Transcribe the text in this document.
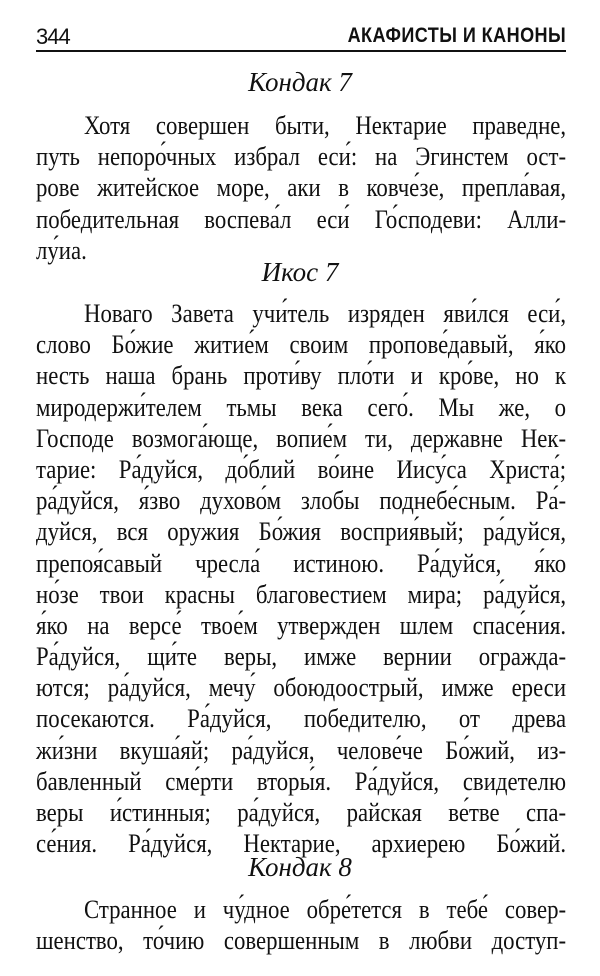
344	АКАФИСТЫ И КАНОНЫ
Кондак 7
Хотя совершен быти, Нектарие праведне,
путь непоро́чных избрал еси́: на Эгинстем ост-
рове житейское море, аки в ковче́зе, препла́вая,
победительная воспева́л еси́ Го́сподеви: Алли-
лу́иа.
Икос 7
Новаго Завета учи́тель изряден яви́лся еси́,
слово Бо́жие житие́м своим пропове́давый, я́ко
несть наша брань проти́ву пло́ти и кро́ве, но к
миродержи́телем тьмы века сего́. Мы же, о
Господе возмога́юще, вопие́м ти, державне Нек-
тарие: Ра́дуйся, до́блий во́ине Иису́са Христа́;
ра́дуйся, я́зво духово́м злобы поднебе́сным. Ра́-
дуйся, вся оружия Бо́жия восприя́вый; ра́дуйся,
препоя́савый чресла́ истиною. Ра́дуйся, я́ко
но́зе твои красны благовестием мира; ра́дуйся,
я́ко на версе́ твое́м утвержден шлем спасе́ния.
Ра́дуйся, щи́те веры, имже вернии огражда-
ются; ра́дуйся, мечу́ обоюдоострый, имже ереси
посекаются. Ра́дуйся, победителю, от древа
жи́зни вкуша́яй; ра́дуйся, челове́че Бо́жий, из-
бавленный сме́рти вторы́я. Ра́дуйся, свидетелю
веры и́стинныя; ра́дуйся, райская ве́тве спа-
се́ния. Ра́дуйся, Нектарие, архиерею Бо́жий.
Кондак 8
Странное и чу́дное обре́тется в тебе́ совер-
шенство, то́чию совершенным в любви доступ-
